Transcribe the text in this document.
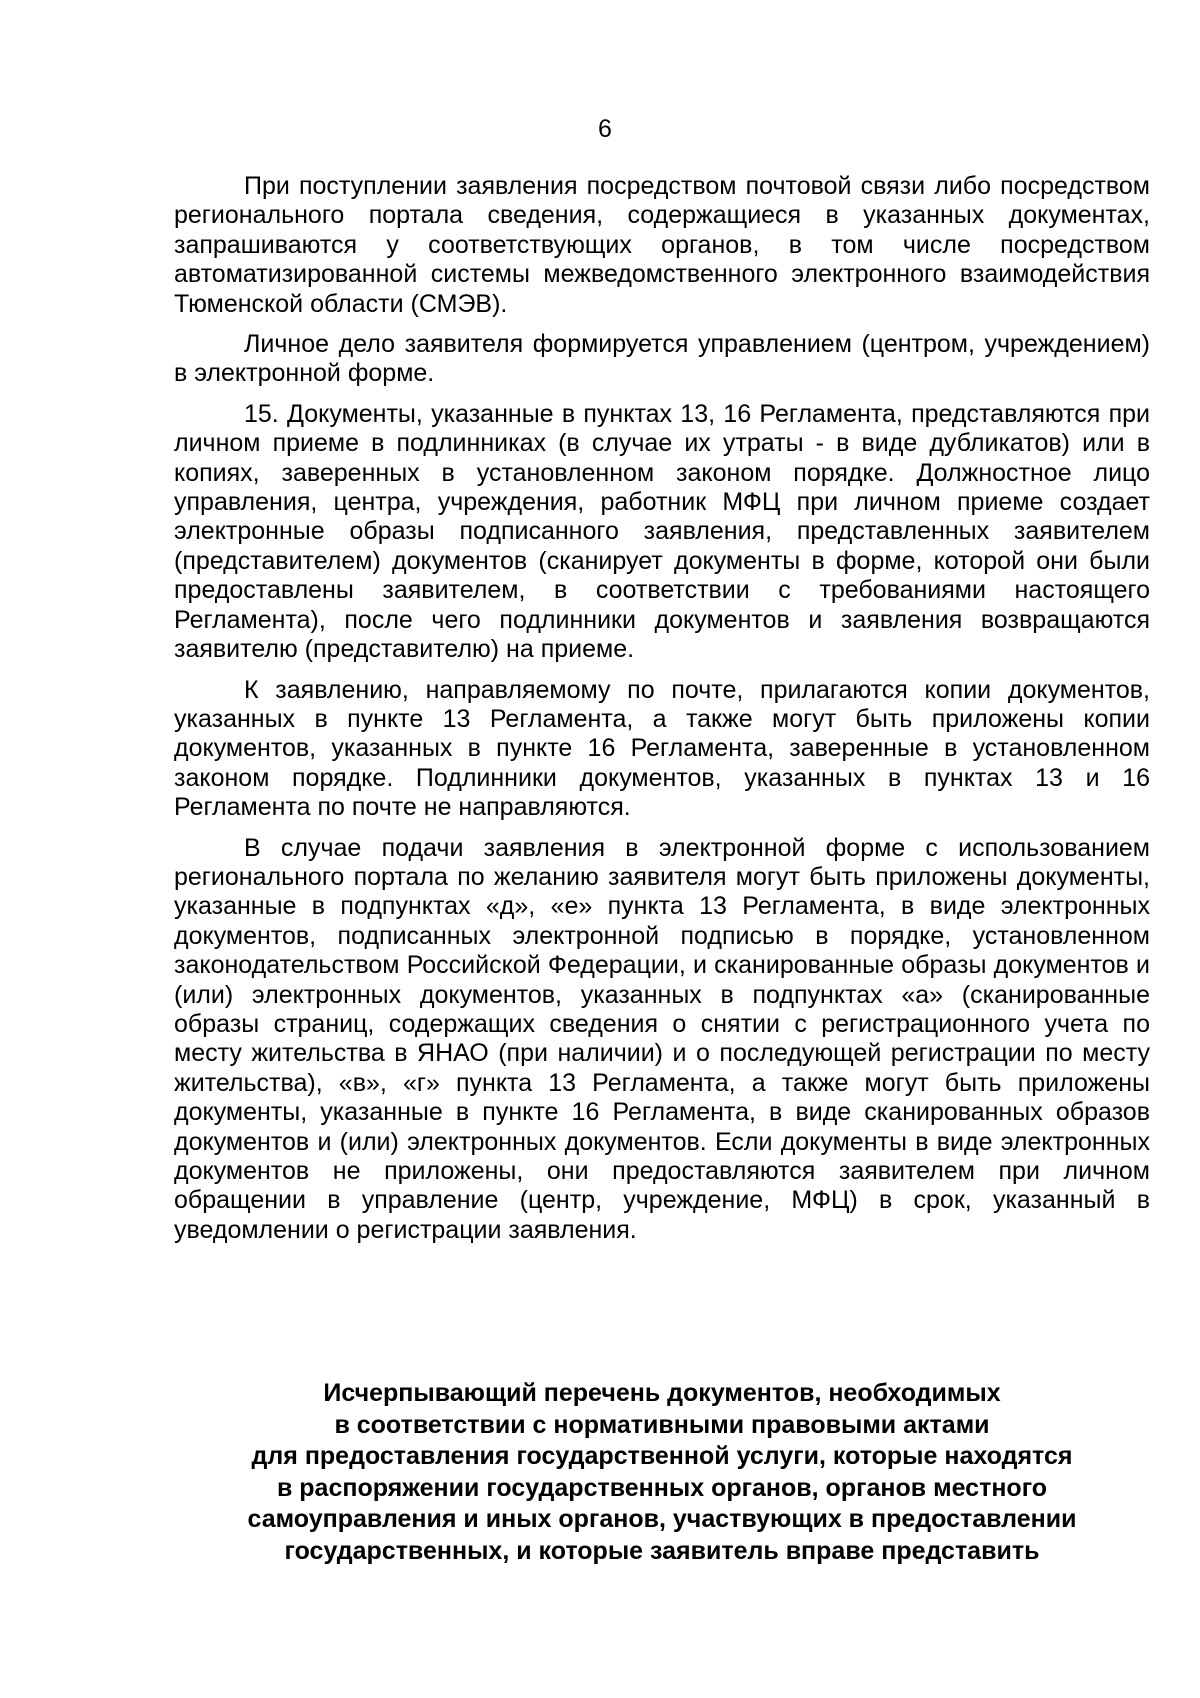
6

При поступлении заявления посредством почтовой связи либо посредством регионального портала сведения, содержащиеся в указанных документах, запрашиваются у соответствующих органов, в том числе посредством автоматизированной системы межведомственного электронного взаимодействия Тюменской области (СМЭВ).

Личное дело заявителя формируется управлением (центром, учреждением) в электронной форме.

15. Документы, указанные в пунктах 13, 16 Регламента, представляются при личном приеме в подлинниках (в случае их утраты - в виде дубликатов) или в копиях, заверенных в установленном законом порядке. Должностное лицо управления, центра, учреждения, работник МФЦ при личном приеме создает электронные образы подписанного заявления, представленных заявителем (представителем) документов (сканирует документы в форме, которой они были предоставлены заявителем, в соответствии с требованиями настоящего Регламента), после чего подлинники документов и заявления возвращаются заявителю (представителю) на приеме.

К заявлению, направляемому по почте, прилагаются копии документов, указанных в пункте 13 Регламента, а также могут быть приложены копии документов, указанных в пункте 16 Регламента, заверенные в установленном законом порядке. Подлинники документов, указанных в пунктах 13 и 16 Регламента по почте не направляются.

В случае подачи заявления в электронной форме с использованием регионального портала по желанию заявителя могут быть приложены документы, указанные в подпунктах «д», «е» пункта 13 Регламента, в виде электронных документов, подписанных электронной подписью в порядке, установленном законодательством Российской Федерации, и сканированные образы документов и (или) электронных документов, указанных в подпунктах «а» (сканированные образы страниц, содержащих сведения о снятии с регистрационного учета по месту жительства в ЯНАО (при наличии) и о последующей регистрации по месту жительства), «в», «г» пункта 13 Регламента, а также могут быть приложены документы, указанные в пункте 16 Регламента, в виде сканированных образов документов и (или) электронных документов. Если документы в виде электронных документов не приложены, они предоставляются заявителем при личном обращении в управление (центр, учреждение, МФЦ) в срок, указанный в уведомлении о регистрации заявления.

Исчерпывающий перечень документов, необходимых
в соответствии с нормативными правовыми актами
для предоставления государственной услуги, которые находятся
в распоряжении государственных органов, органов местного
самоуправления и иных органов, участвующих в предоставлении
государственных, и которые заявитель вправе представить
